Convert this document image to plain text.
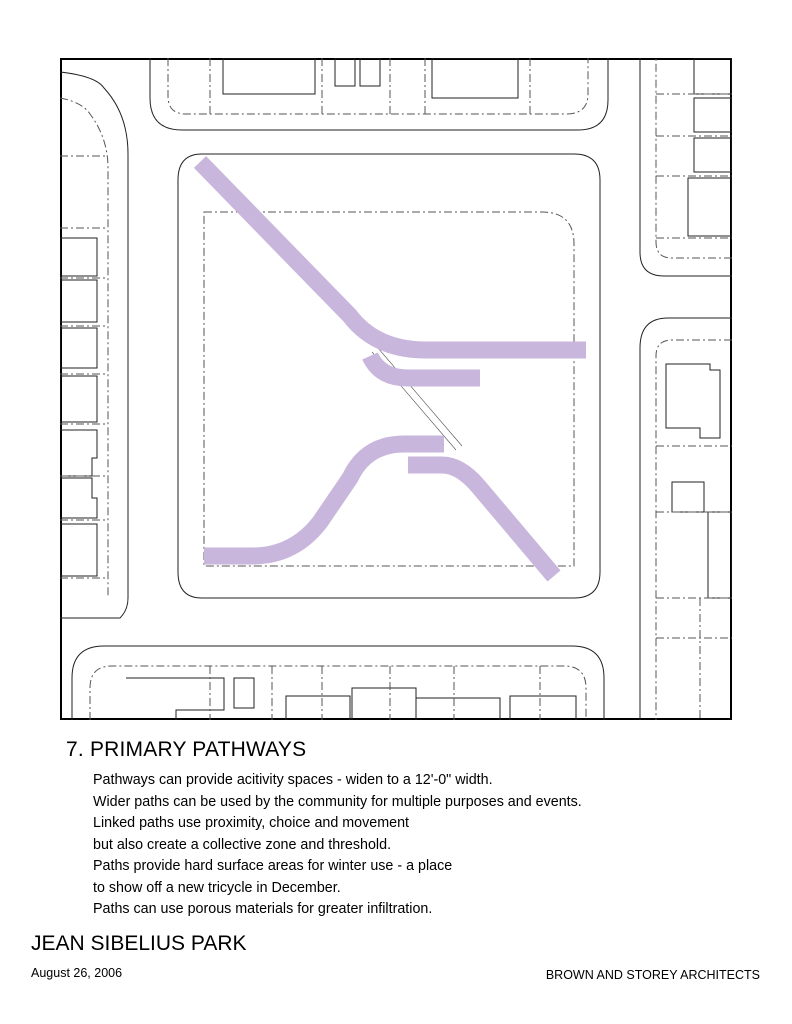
7. PRIMARY PATHWAYS
Pathways can provide acitivity spaces - widen to a 12'-0" width.
Wider paths can be used by the community for multiple purposes and events.
Linked paths use proximity, choice and movement
but also create a collective zone and threshold.
Paths provide hard surface areas for winter use - a place
to show off a new tricycle in December.
Paths can use porous materials for greater infiltration.
JEAN SIBELIUS PARK
August 26, 2006	BROWN AND STOREY ARCHITECTS
